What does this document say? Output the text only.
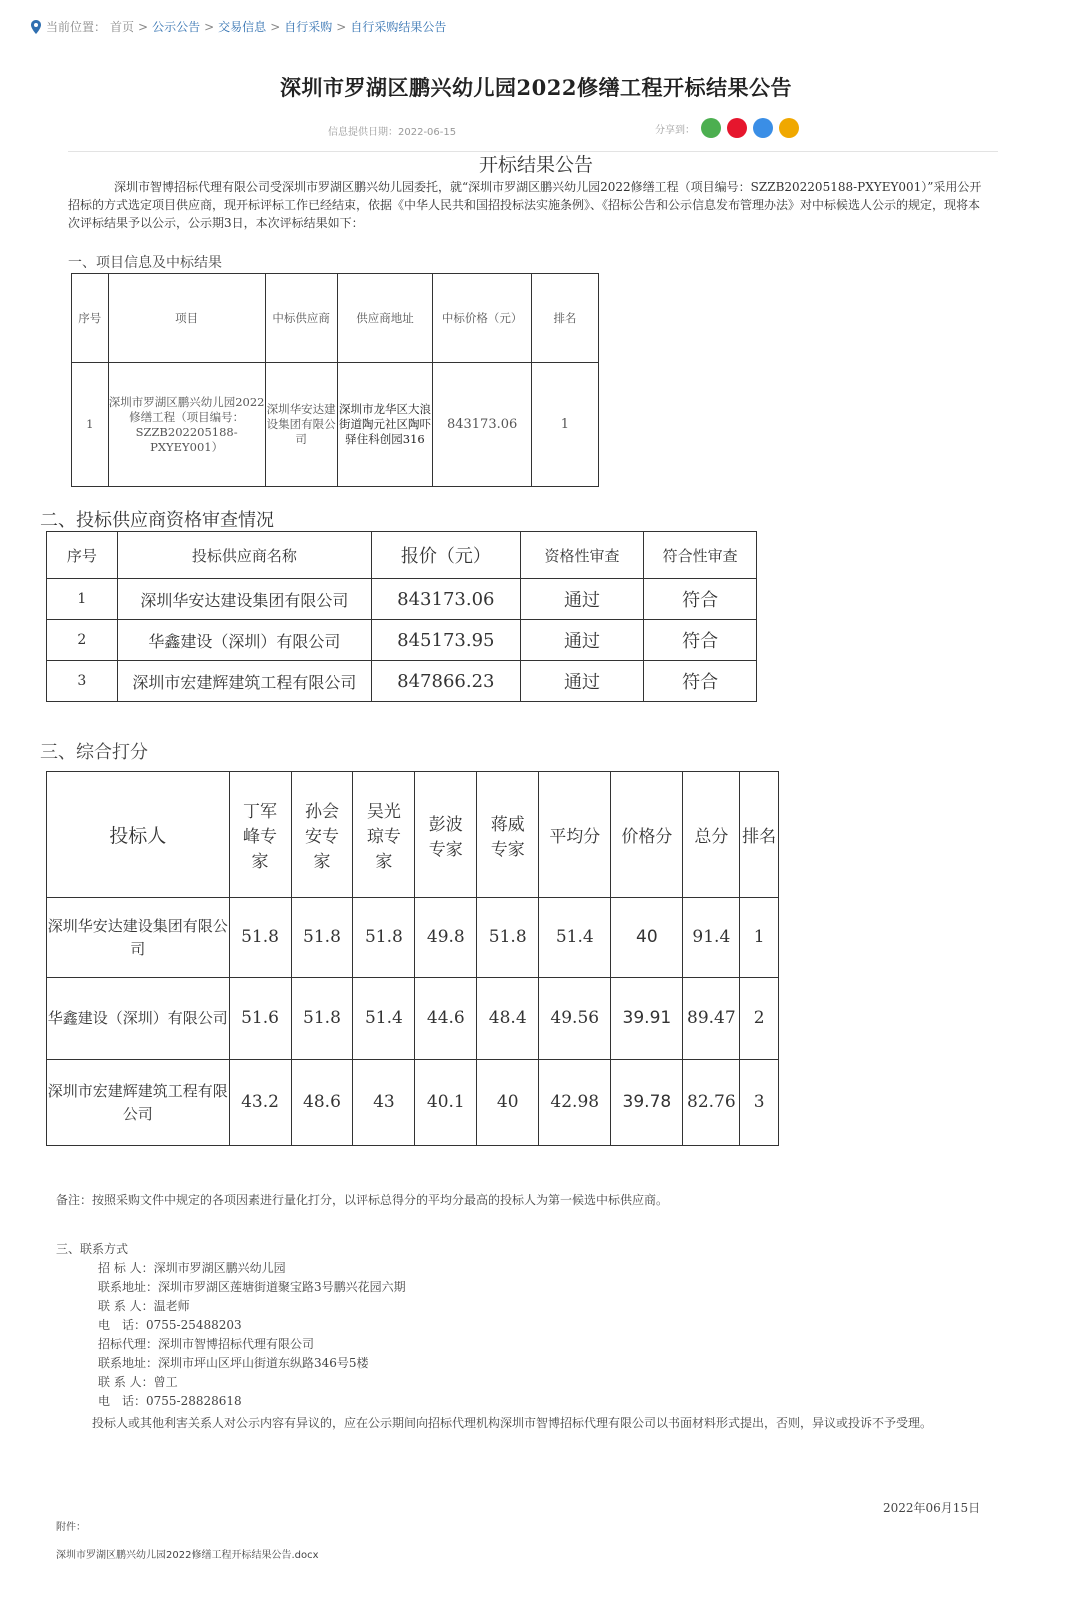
当前位置： 首页 > 公示公告 > 交易信息 > 自行采购 > 自行采购结果公告
深圳市罗湖区鹏兴幼儿园2022修缮工程开标结果公告
信息提供日期：2022-06-15	分享到：
开标结果公告
深圳市智博招标代理有限公司受深圳市罗湖区鹏兴幼儿园委托，就“深圳市罗湖区鹏兴幼儿园2022修缮工程（项目编号：SZZB202205188-PXYEY001）”采用公开招标的方式选定项目供应商，现开标评标工作已经结束，依据《中华人民共和国招投标法实施条例》、《招标公告和公示信息发布管理办法》对中标候选人公示的规定，现将本次评标结果予以公示，公示期3日，本次评标结果如下：
一、项目信息及中标结果
序号	项目	中标供应商	供应商地址	中标价格（元）	排名
1	深圳市罗湖区鹏兴幼儿园2022修缮工程（项目编号：SZZB202205188-PXYEY001）	深圳华安达建设集团有限公司	深圳市龙华区大浪街道陶元社区陶吓驿住科创园316	843173.06	1
二、投标供应商资格审查情况
序号	投标供应商名称	报价（元）	资格性审查	符合性审查
1	深圳华安达建设集团有限公司	843173.06	通过	符合
2	华鑫建设（深圳）有限公司	845173.95	通过	符合
3	深圳市宏建辉建筑工程有限公司	847866.23	通过	符合
三、综合打分
投标人	丁军峰专家	孙会安专家	吴光琼专家	彭波专家	蒋威专家	平均分	价格分	总分	排名
深圳华安达建设集团有限公司	51.8	51.8	51.8	49.8	51.8	51.4	40	91.4	1
华鑫建设（深圳）有限公司	51.6	51.8	51.4	44.6	48.4	49.56	39.91	89.47	2
深圳市宏建辉建筑工程有限公司	43.2	48.6	43	40.1	40	42.98	39.78	82.76	3
备注：按照采购文件中规定的各项因素进行量化打分，以评标总得分的平均分最高的投标人为第一候选中标供应商。
三、联系方式
招 标 人：深圳市罗湖区鹏兴幼儿园
联系地址：深圳市罗湖区莲塘街道聚宝路3号鹏兴花园六期
联 系 人：温老师
电　话：0755-25488203
招标代理：深圳市智博招标代理有限公司
联系地址：深圳市坪山区坪山街道东纵路346号5楼
联 系 人：曾工
电　话：0755-28828618
投标人或其他利害关系人对公示内容有异议的，应在公示期间向招标代理机构深圳市智博招标代理有限公司以书面材料形式提出，否则，异议或投诉不予受理。
2022年06月15日
附件：
深圳市罗湖区鹏兴幼儿园2022修缮工程开标结果公告.docx
